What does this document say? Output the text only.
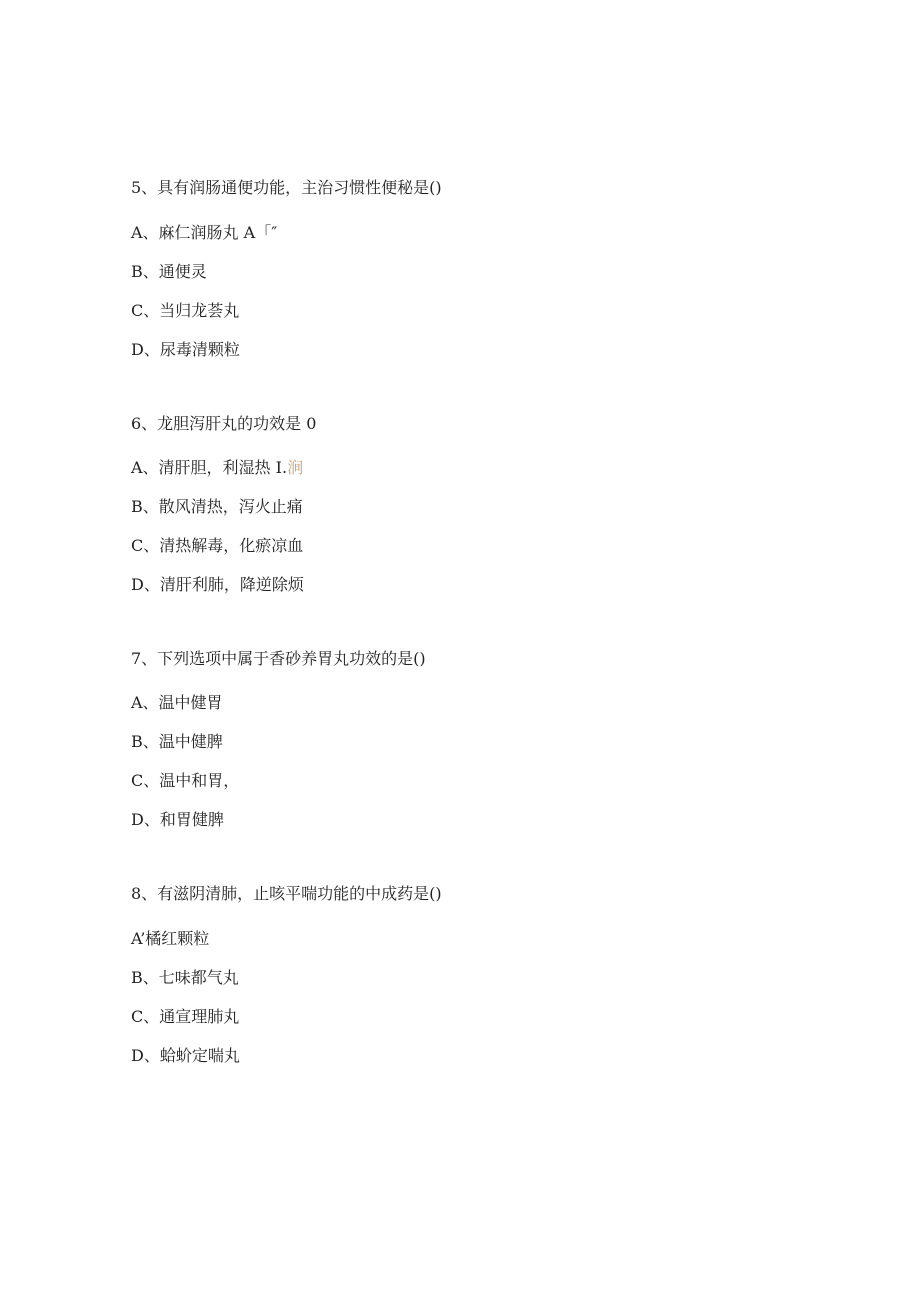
5、具有润肠通便功能，主治习惯性便秘是()
A、麻仁润肠丸 A「″
B、通便灵
C、当归龙荟丸
D、尿毒清颗粒
6、龙胆泻肝丸的功效是 0
A、清肝胆，利湿热 I.涧
B、散风清热，泻火止痛
C、清热解毒，化瘀凉血
D、清肝利肺，降逆除烦
7、下列选项中属于香砂养胃丸功效的是()
A、温中健胃
B、温中健脾
C、温中和胃，
D、和胃健脾
8、有滋阴清肺，止咳平喘功能的中成药是()
A’橘红颗粒
B、七味都气丸
C、通宣理肺丸
D、蛤蚧定喘丸
